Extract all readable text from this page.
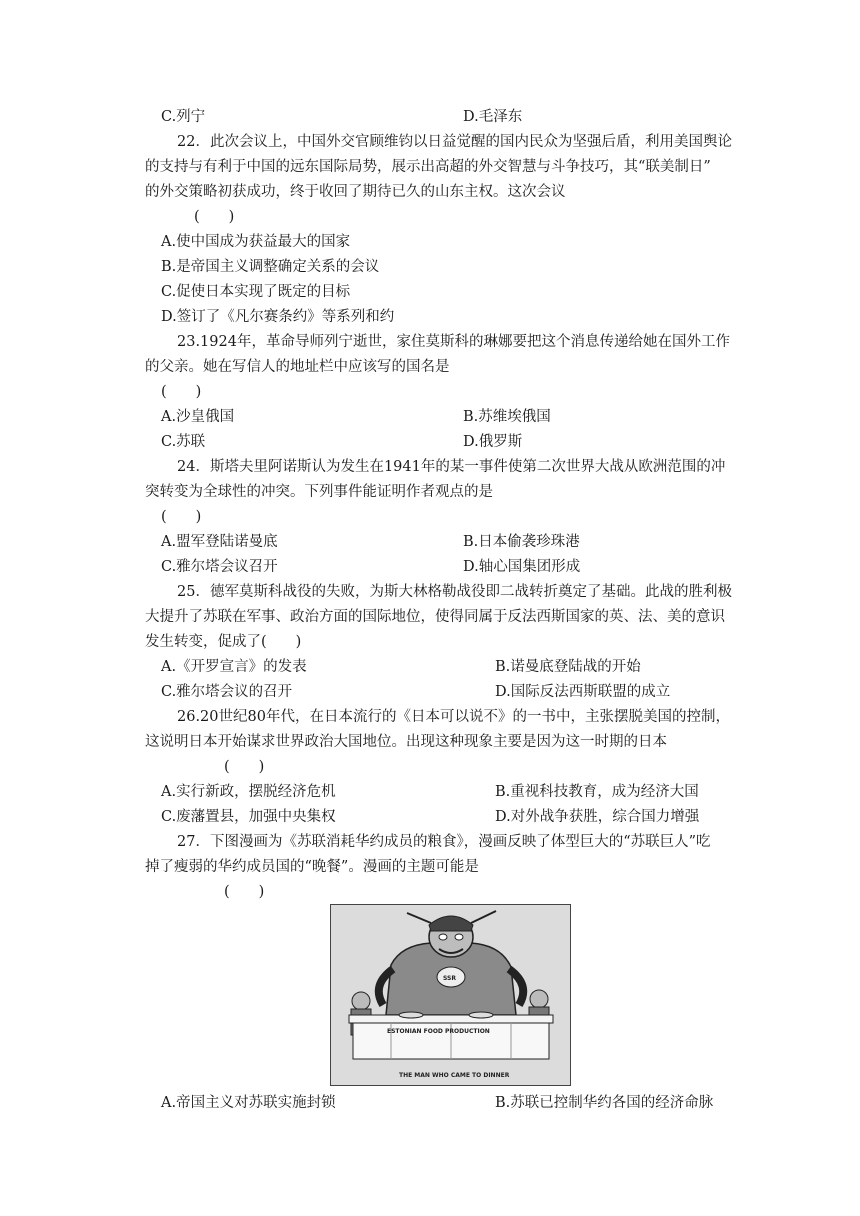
C.列宁	D.毛泽东
22．此次会议上，中国外交官顾维钧以日益觉醒的国内民众为坚强后盾，利用美国舆论
的支持与有利于中国的远东国际局势，展示出高超的外交智慧与斗争技巧，其“联美制日”
的外交策略初获成功，终于收回了期待已久的山东主权。这次会议
(　　)
A.使中国成为获益最大的国家
B.是帝国主义调整确定关系的会议
C.促使日本实现了既定的目标
D.签订了《凡尔赛条约》等系列和约
23.1924年，革命导师列宁逝世，家住莫斯科的琳娜要把这个消息传递给她在国外工作
的父亲。她在写信人的地址栏中应该写的国名是
(　　)
A.沙皇俄国	B.苏维埃俄国
C.苏联	D.俄罗斯
24．斯塔夫里阿诺斯认为发生在1941年的某一事件使第二次世界大战从欧洲范围的冲
突转变为全球性的冲突。下列事件能证明作者观点的是
(　　)
A.盟军登陆诺曼底	B.日本偷袭珍珠港
C.雅尔塔会议召开	D.轴心国集团形成
25．德军莫斯科战役的失败，为斯大林格勒战役即二战转折奠定了基础。此战的胜利极
大提升了苏联在军事、政治方面的国际地位，使得同属于反法西斯国家的英、法、美的意识
发生转变，促成了(　　)
A.《开罗宣言》的发表	B.诺曼底登陆战的开始
C.雅尔塔会议的召开	D.国际反法西斯联盟的成立
26.20世纪80年代，在日本流行的《日本可以说不》的一书中，主张摆脱美国的控制，
这说明日本开始谋求世界政治大国地位。出现这种现象主要是因为这一时期的日本
(　　)
A.实行新政，摆脱经济危机	B.重视科技教育，成为经济大国
C.废藩置县，加强中央集权	D.对外战争获胜，综合国力增强
27．下图漫画为《苏联消耗华约成员的粮食》，漫画反映了体型巨大的“苏联巨人”吃
掉了瘦弱的华约成员国的“晚餐”。漫画的主题可能是
(　　)
SSR
ESTONIAN FOOD PRODUCTION
THE MAN WHO CAME TO DINNER
A.帝国主义对苏联实施封锁	B.苏联已控制华约各国的经济命脉
